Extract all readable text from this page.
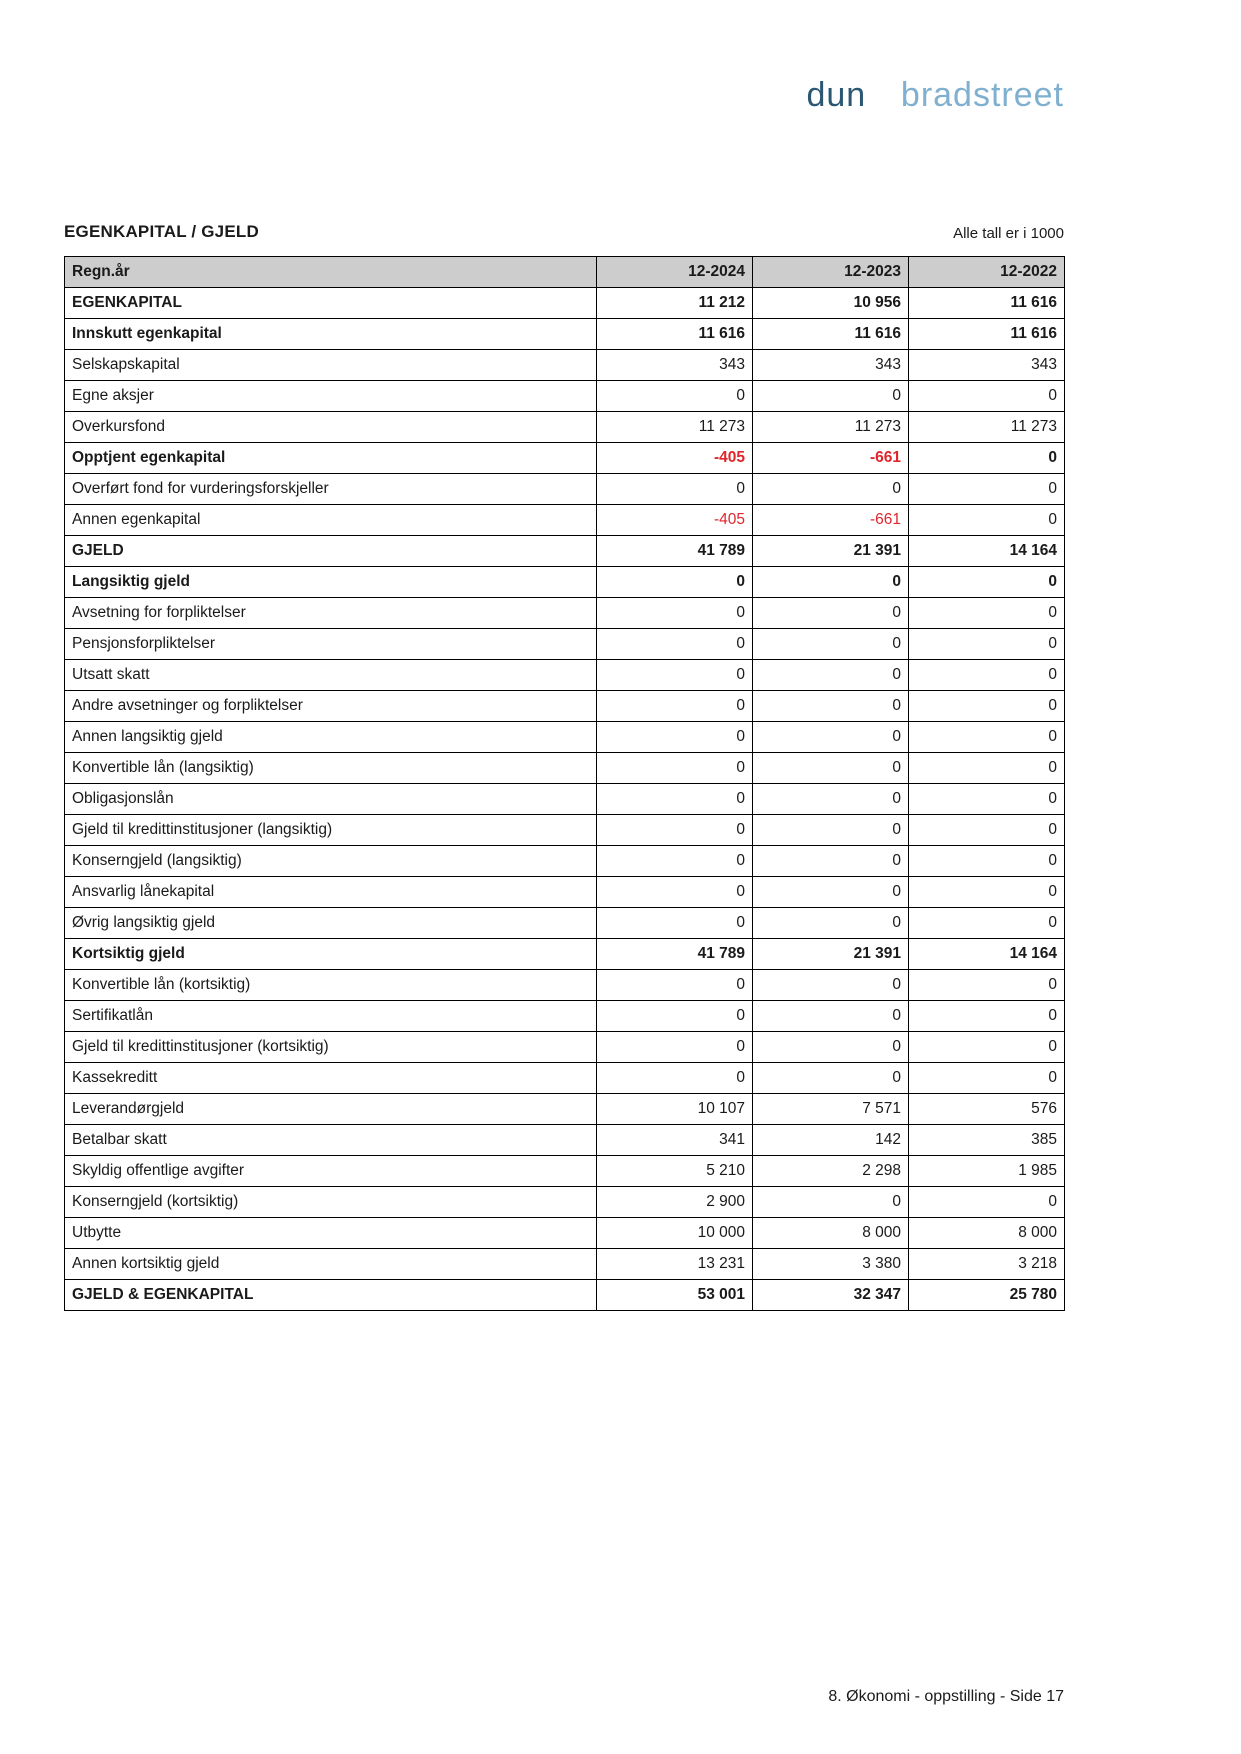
dun & bradstreet
EGENKAPITAL / GJELD	Alle tall er i 1000
Regn.år	12-2024	12-2023	12-2022
EGENKAPITAL	11 212	10 956	11 616
Innskutt egenkapital	11 616	11 616	11 616
Selskapskapital	343	343	343
Egne aksjer	0	0	0
Overkursfond	11 273	11 273	11 273
Opptjent egenkapital	-405	-661	0
Overført fond for vurderingsforskjeller	0	0	0
Annen egenkapital	-405	-661	0
GJELD	41 789	21 391	14 164
Langsiktig gjeld	0	0	0
Avsetning for forpliktelser	0	0	0
Pensjonsforpliktelser	0	0	0
Utsatt skatt	0	0	0
Andre avsetninger og forpliktelser	0	0	0
Annen langsiktig gjeld	0	0	0
Konvertible lån (langsiktig)	0	0	0
Obligasjonslån	0	0	0
Gjeld til kredittinstitusjoner (langsiktig)	0	0	0
Konserngjeld (langsiktig)	0	0	0
Ansvarlig lånekapital	0	0	0
Øvrig langsiktig gjeld	0	0	0
Kortsiktig gjeld	41 789	21 391	14 164
Konvertible lån (kortsiktig)	0	0	0
Sertifikatlån	0	0	0
Gjeld til kredittinstitusjoner (kortsiktig)	0	0	0
Kassekreditt	0	0	0
Leverandørgjeld	10 107	7 571	576
Betalbar skatt	341	142	385
Skyldig offentlige avgifter	5 210	2 298	1 985
Konserngjeld (kortsiktig)	2 900	0	0
Utbytte	10 000	8 000	8 000
Annen kortsiktig gjeld	13 231	3 380	3 218
GJELD & EGENKAPITAL	53 001	32 347	25 780
8. Økonomi - oppstilling - Side 17
